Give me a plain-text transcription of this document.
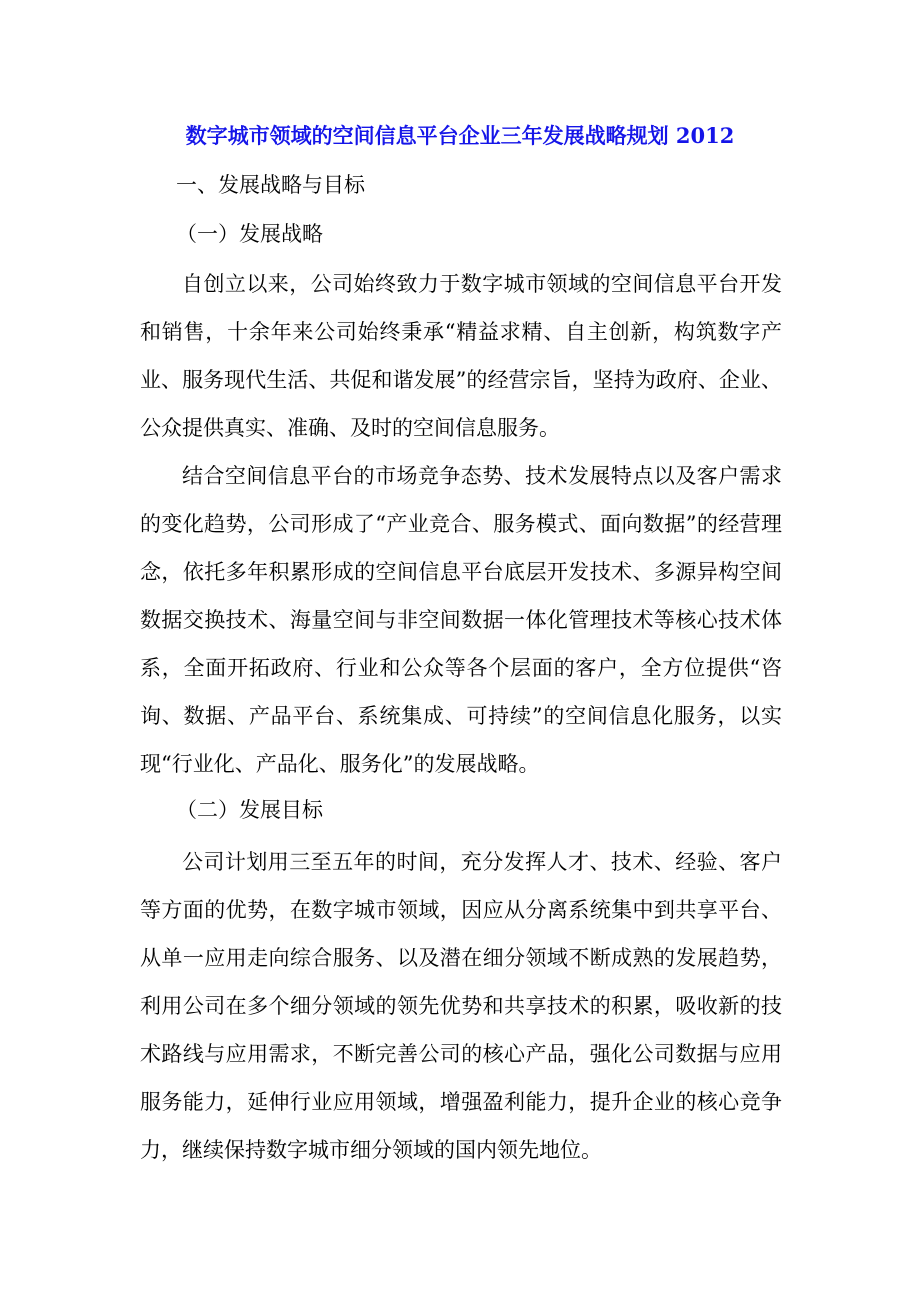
数字城市领域的空间信息平台企业三年发展战略规划 2012
一、发展战略与目标
（一）发展战略

自创立以来，公司始终致力于数字城市领域的空间信息平台开发和销售，十余年来公司始终秉承“精益求精、自主创新，构筑数字产业、服务现代生活、共促和谐发展”的经营宗旨，坚持为政府、企业、公众提供真实、准确、及时的空间信息服务。

结合空间信息平台的市场竞争态势、技术发展特点以及客户需求的变化趋势，公司形成了“产业竞合、服务模式、面向数据”的经营理念，依托多年积累形成的空间信息平台底层开发技术、多源异构空间数据交换技术、海量空间与非空间数据一体化管理技术等核心技术体系，全面开拓政府、行业和公众等各个层面的客户，全方位提供“咨询、数据、产品平台、系统集成、可持续”的空间信息化服务，以实现“行业化、产品化、服务化”的发展战略。

（二）发展目标

公司计划用三至五年的时间，充分发挥人才、技术、经验、客户等方面的优势，在数字城市领域，因应从分离系统集中到共享平台、从单一应用走向综合服务、以及潜在细分领域不断成熟的发展趋势，利用公司在多个细分领域的领先优势和共享技术的积累，吸收新的技术路线与应用需求，不断完善公司的核心产品，强化公司数据与应用服务能力，延伸行业应用领域，增强盈利能力，提升企业的核心竞争力，继续保持数字城市细分领域的国内领先地位。
